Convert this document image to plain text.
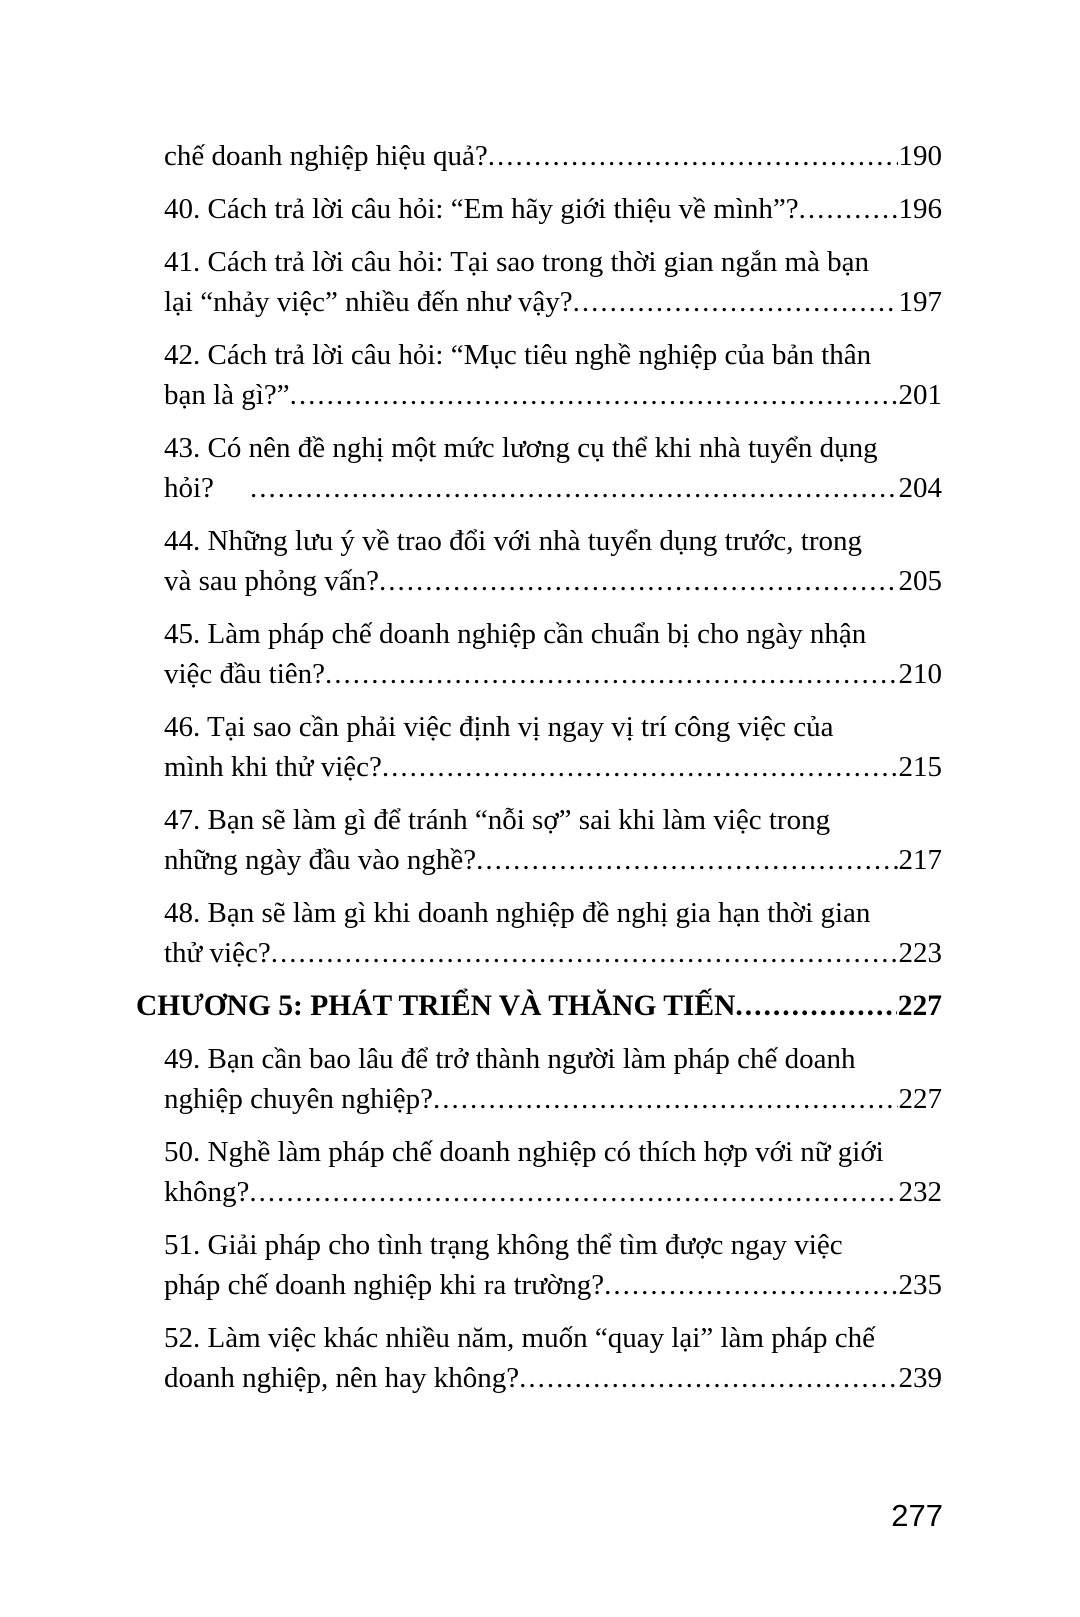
chế doanh nghiệp hiệu quả? .....	190
40. Cách trả lời câu hỏi: “Em hãy giới thiệu về mình”? .....	196
41. Cách trả lời câu hỏi: Tại sao trong thời gian ngắn mà bạn
lại “nhảy việc” nhiều đến như vậy? .....	197
42. Cách trả lời câu hỏi: “Mục tiêu nghề nghiệp của bản thân
bạn là gì?” .....	201
43. Có nên đề nghị một mức lương cụ thể khi nhà tuyển dụng
hỏi? .....	204
44. Những lưu ý về trao đổi với nhà tuyển dụng trước, trong
và sau phỏng vấn? .....	205
45. Làm pháp chế doanh nghiệp cần chuẩn bị cho ngày nhận
việc đầu tiên? .....	210
46. Tại sao cần phải việc định vị ngay vị trí công việc của
mình khi thử việc? .....	215
47. Bạn sẽ làm gì để tránh “nỗi sợ” sai khi làm việc trong
những ngày đầu vào nghề? .....	217
48. Bạn sẽ làm gì khi doanh nghiệp đề nghị gia hạn thời gian
thử việc? .....	223
CHƯƠNG 5: PHÁT TRIỂN VÀ THĂNG TIẾN .....	227
49. Bạn cần bao lâu để trở thành người làm pháp chế doanh
nghiệp chuyên nghiệp? .....	227
50. Nghề làm pháp chế doanh nghiệp có thích hợp với nữ giới
không? .....	232
51. Giải pháp cho tình trạng không thể tìm được ngay việc
pháp chế doanh nghiệp khi ra trường? .....	235
52. Làm việc khác nhiều năm, muốn “quay lại” làm pháp chế
doanh nghiệp, nên hay không? .....	239
277
